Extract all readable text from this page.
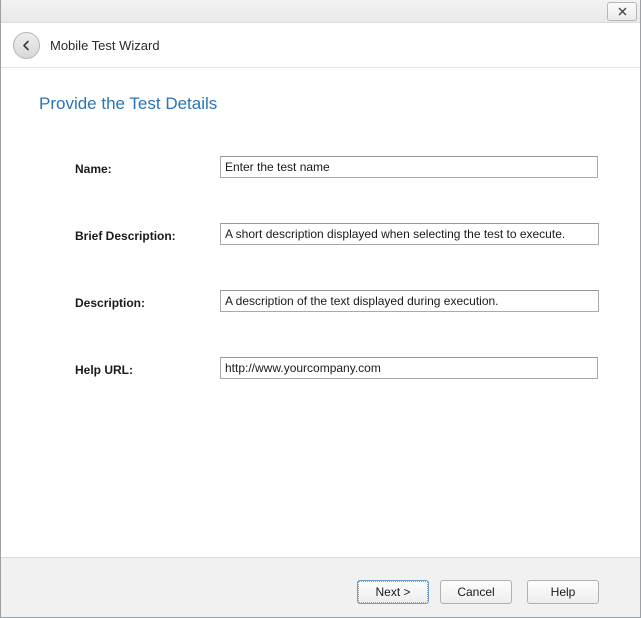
Mobile Test Wizard
Provide the Test Details
Name:
Enter the test name
Brief Description:
A short description displayed when selecting the test to execute.
Description:
A description of the text displayed during execution.
Help URL:
http://www.yourcompany.com
Next >	Cancel	Help
